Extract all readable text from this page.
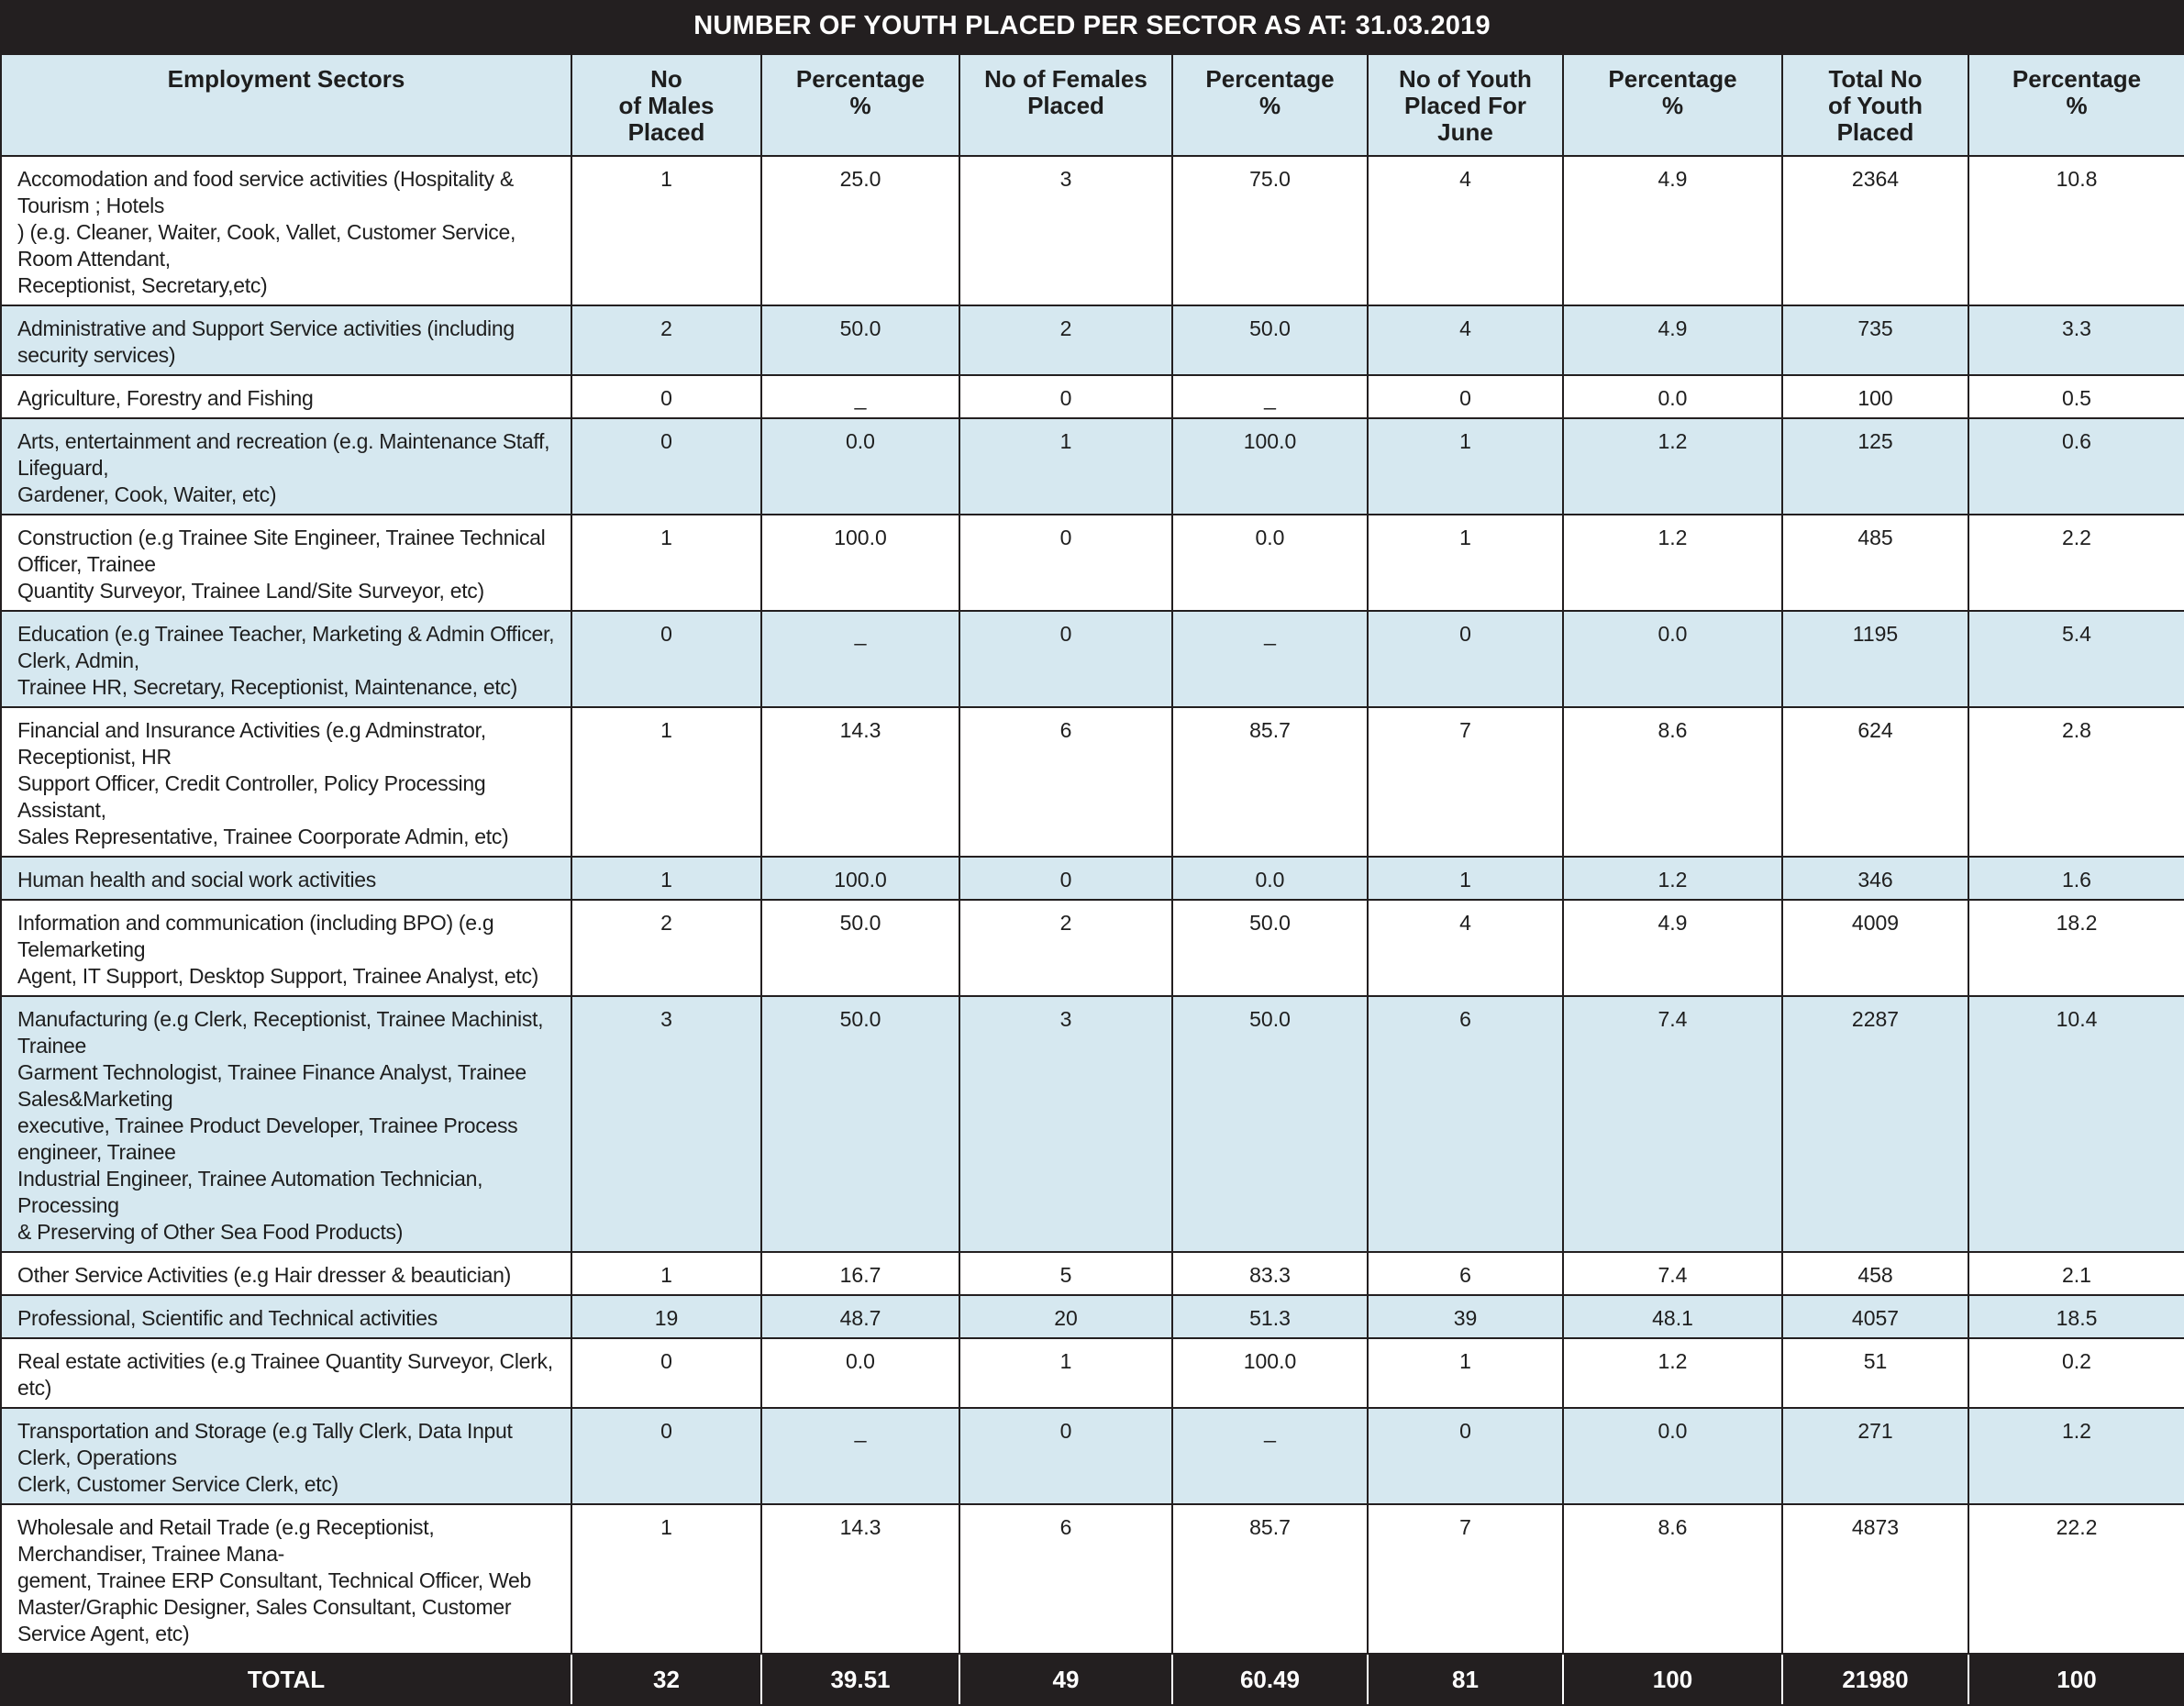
NUMBER OF YOUTH PLACED PER SECTOR AS AT: 31.03.2019
Employment Sectors	No
of Males
Placed	Percentage
%	No of Females
Placed	Percentage
%	No of Youth
Placed For June	Percentage
%	Total No
of Youth Placed	Percentage
%
Accomodation and food service activities (Hospitality & Tourism ; Hotels
) (e.g. Cleaner, Waiter, Cook, Vallet, Customer Service, Room Attendant,
Receptionist, Secretary,etc)	1	25.0	3	75.0	4	4.9	2364	10.8
Administrative and Support Service activities (including security services)	2	50.0	2	50.0	4	4.9	735	3.3
Agriculture, Forestry and Fishing	0	_	0	_	0	0.0	100	0.5
Arts, entertainment and recreation (e.g. Maintenance Staff, Lifeguard,
Gardener, Cook, Waiter, etc)	0	0.0	1	100.0	1	1.2	125	0.6
Construction (e.g Trainee Site Engineer, Trainee Technical Officer, Trainee
Quantity Surveyor, Trainee Land/Site Surveyor, etc)	1	100.0	0	0.0	1	1.2	485	2.2
Education (e.g Trainee Teacher, Marketing & Admin Officer, Clerk, Admin,
Trainee HR, Secretary, Receptionist, Maintenance, etc)	0	_	0	_	0	0.0	1195	5.4
Financial and Insurance Activities (e.g Adminstrator, Receptionist, HR
Support Officer, Credit Controller, Policy Processing Assistant,
Sales Representative, Trainee Coorporate Admin, etc)	1	14.3	6	85.7	7	8.6	624	2.8
Human health and social work activities	1	100.0	0	0.0	1	1.2	346	1.6
Information and communication (including BPO) (e.g Telemarketing
Agent, IT Support, Desktop Support, Trainee Analyst, etc)	2	50.0	2	50.0	4	4.9	4009	18.2
Manufacturing (e.g Clerk, Receptionist, Trainee Machinist, Trainee
Garment Technologist, Trainee Finance Analyst, Trainee Sales&Marketing
executive, Trainee Product Developer, Trainee Process engineer, Trainee
Industrial Engineer, Trainee Automation Technician, Processing
& Preserving of Other Sea Food Products)	3	50.0	3	50.0	6	7.4	2287	10.4
Other Service Activities (e.g Hair dresser & beautician)	1	16.7	5	83.3	6	7.4	458	2.1
Professional, Scientific and Technical activities	19	48.7	20	51.3	39	48.1	4057	18.5
Real estate activities (e.g Trainee Quantity Surveyor, Clerk, etc)	0	0.0	1	100.0	1	1.2	51	0.2
Transportation and Storage (e.g Tally Clerk, Data Input Clerk, Operations
Clerk, Customer Service Clerk, etc)	0	_	0	_	0	0.0	271	1.2
Wholesale and Retail Trade (e.g Receptionist, Merchandiser, Trainee Mana-
gement, Trainee ERP Consultant, Technical Officer, Web
Master/Graphic Designer, Sales Consultant, Customer Service Agent, etc)	1	14.3	6	85.7	7	8.6	4873	22.2
TOTAL	32	39.51	49	60.49	81	100	21980	100
